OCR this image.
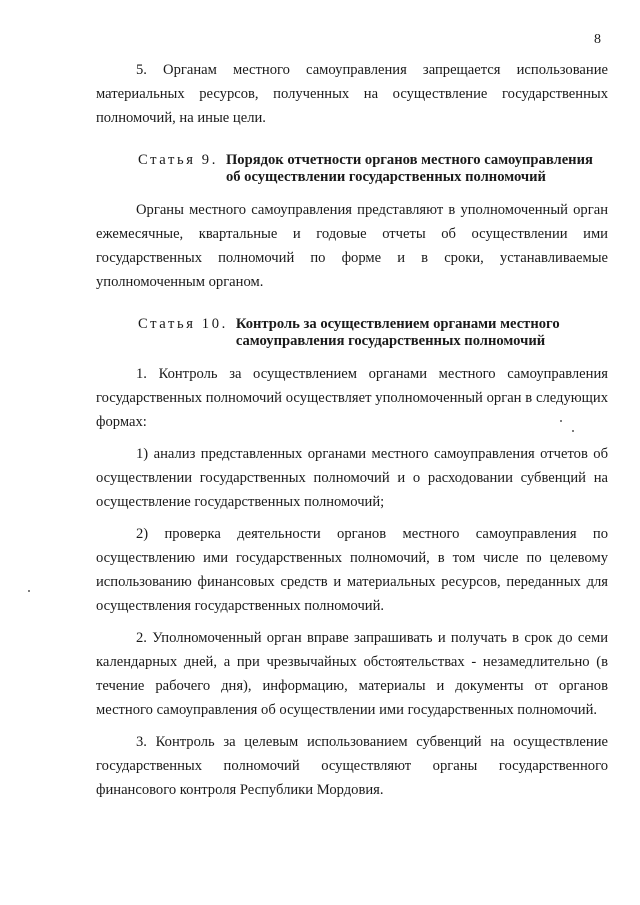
8

5. Органам местного самоуправления запрещается использование материальных ресурсов, полученных на осуществление государственных полномочий, на иные цели.

Статья 9. Порядок отчетности органов местного самоуправления об осуществлении государственных полномочий

Органы местного самоуправления представляют в уполномоченный орган ежемесячные, квартальные и годовые отчеты об осуществлении ими государственных полномочий по форме и в сроки, устанавливаемые уполномоченным органом.

Статья 10. Контроль за осуществлением органами местного самоуправления государственных полномочий

1. Контроль за осуществлением органами местного самоуправления государственных полномочий осуществляет уполномоченный орган в следующих формах:

1) анализ представленных органами местного самоуправления отчетов об осуществлении государственных полномочий и о расходовании субвенций на осуществление государственных полномочий;

2) проверка деятельности органов местного самоуправления по осуществлению ими государственных полномочий, в том числе по целевому использованию финансовых средств и материальных ресурсов, переданных для осуществления государственных полномочий.

2. Уполномоченный орган вправе запрашивать и получать в срок до семи календарных дней, а при чрезвычайных обстоятельствах - незамедлительно (в течение рабочего дня), информацию, материалы и документы от органов местного самоуправления об осуществлении ими государственных полномочий.

3. Контроль за целевым использованием субвенций на осуществление государственных полномочий осуществляют органы государственного финансового контроля Республики Мордовия.
